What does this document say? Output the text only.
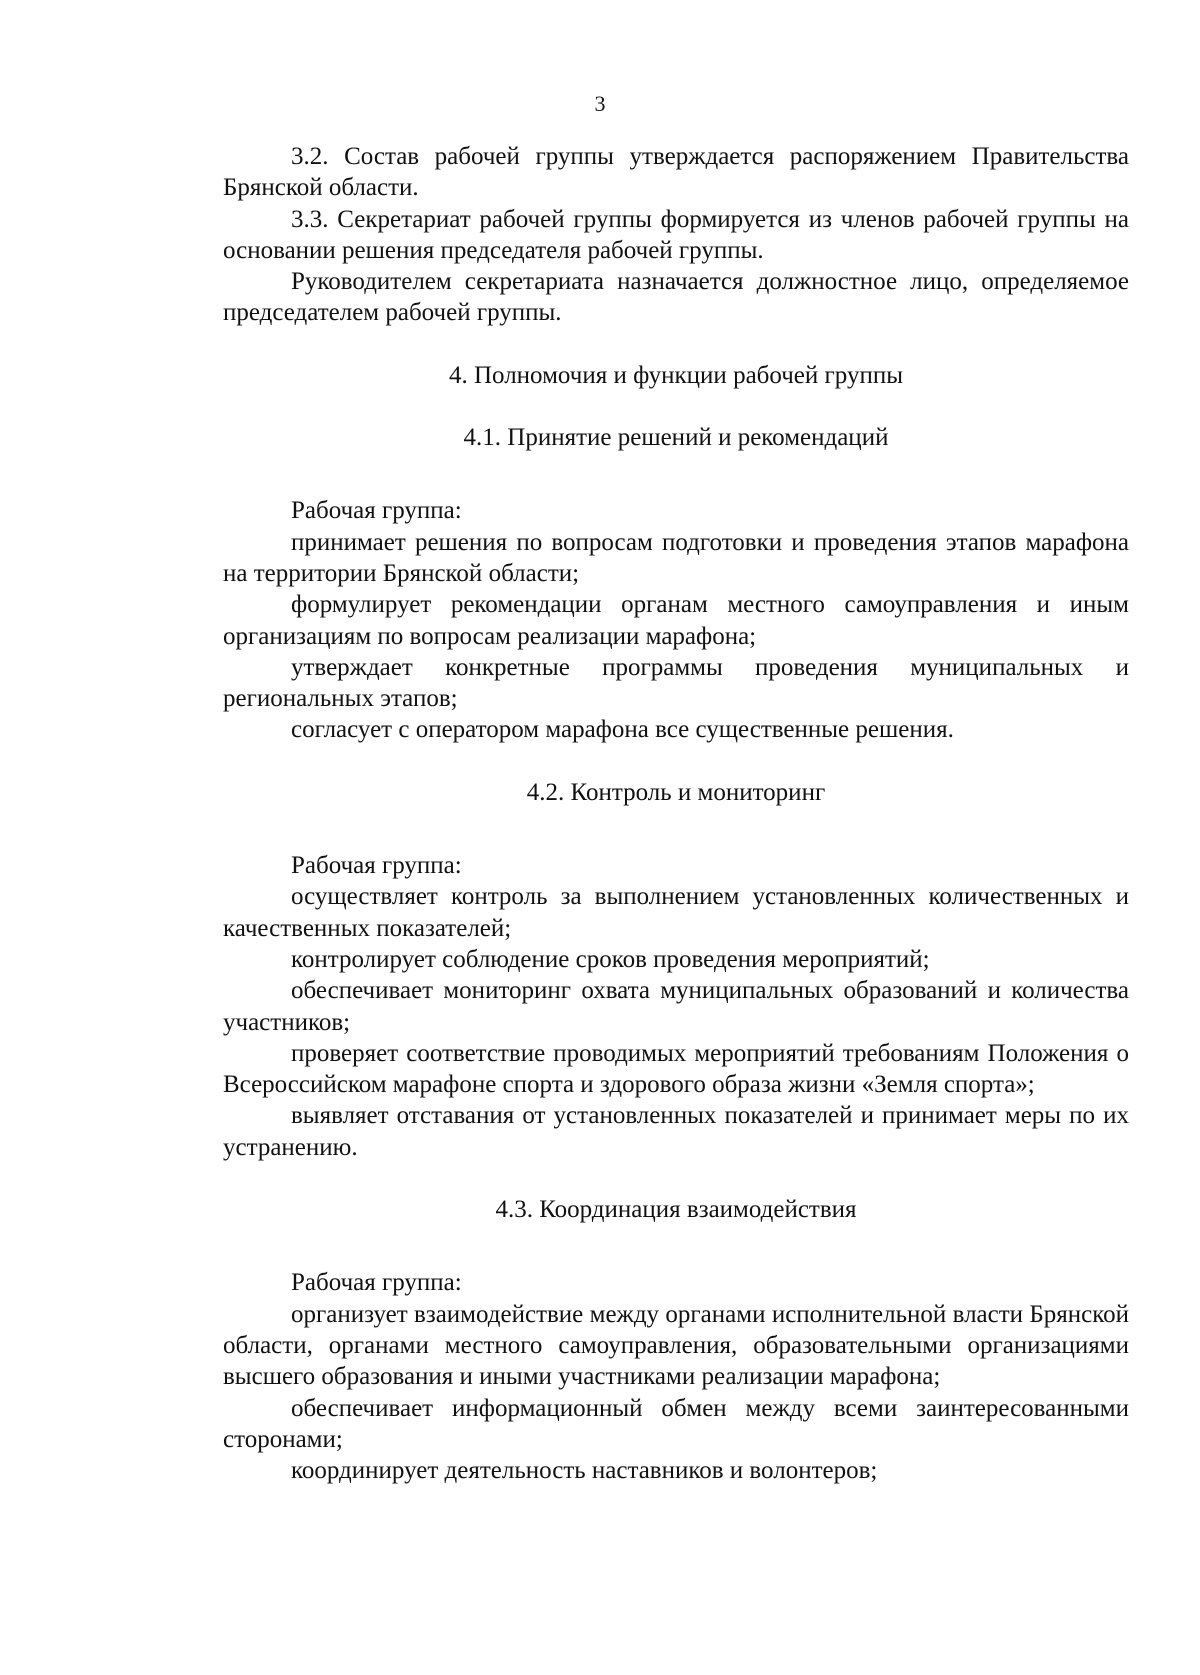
3

3.2. Состав рабочей группы утверждается распоряжением Правительства Брянской области.

3.3. Секретариат рабочей группы формируется из членов рабочей группы на основании решения председателя рабочей группы.

Руководителем секретариата назначается должностное лицо, определяемое председателем рабочей группы.

4. Полномочия и функции рабочей группы
4.1. Принятие решений и рекомендаций

Рабочая группа:

принимает решения по вопросам подготовки и проведения этапов марафона на территории Брянской области;

формулирует рекомендации органам местного самоуправления и иным организациям по вопросам реализации марафона;

утверждает конкретные программы проведения муниципальных и региональных этапов;

согласует с оператором марафона все существенные решения.

4.2. Контроль и мониторинг

Рабочая группа:

осуществляет контроль за выполнением установленных количественных и качественных показателей;

контролирует соблюдение сроков проведения мероприятий;

обеспечивает мониторинг охвата муниципальных образований и количества участников;

проверяет соответствие проводимых мероприятий требованиям Положения о Всероссийском марафоне спорта и здорового образа жизни «Земля спорта»;

выявляет отставания от установленных показателей и принимает меры по их устранению.

4.3. Координация взаимодействия

Рабочая группа:

организует взаимодействие между органами исполнительной власти Брянской области, органами местного самоуправления, образовательными организациями высшего образования и иными участниками реализации марафона;

обеспечивает информационный обмен между всеми заинтересованными сторонами;

координирует деятельность наставников и волонтеров;
